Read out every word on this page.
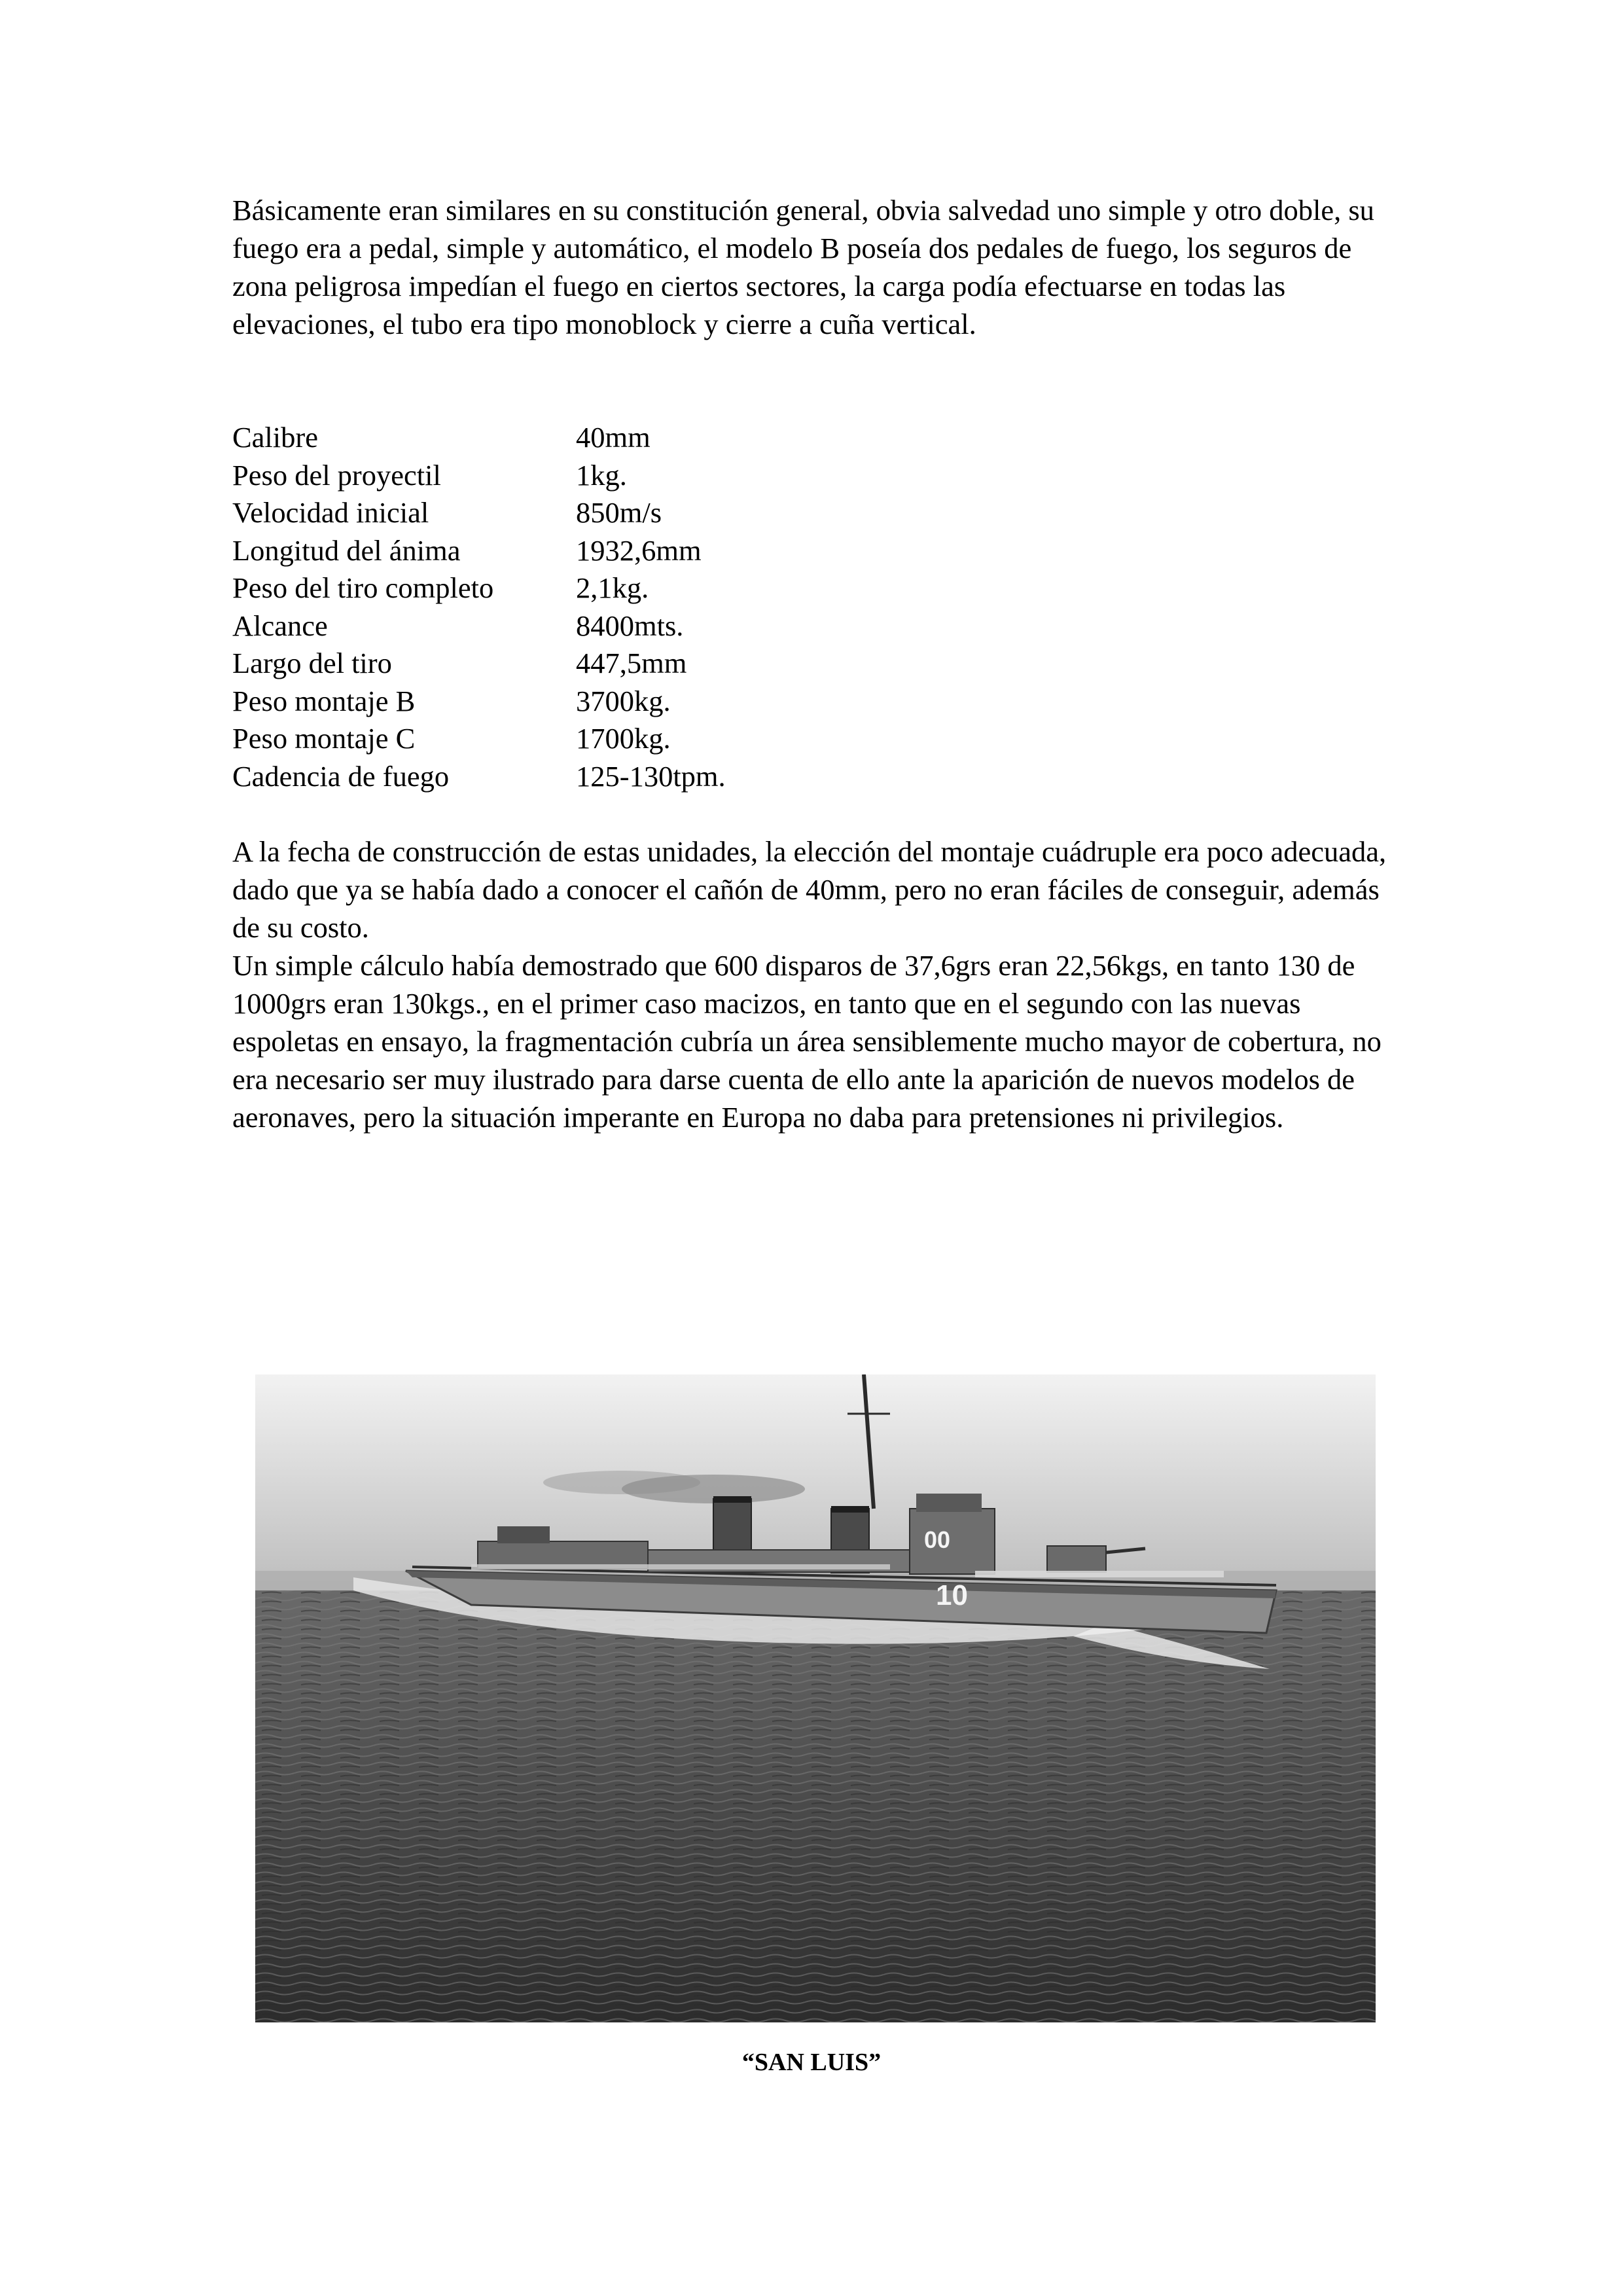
Básicamente eran similares en su constitución general, obvia salvedad uno simple y otro doble, su fuego era a pedal, simple y automático, el modelo B poseía dos pedales de fuego, los seguros de zona peligrosa impedían el fuego en ciertos sectores, la carga podía efectuarse en todas las elevaciones, el tubo era tipo monoblock y cierre a cuña vertical.

Calibre	40mm
Peso del proyectil	1kg.
Velocidad inicial	850m/s
Longitud del ánima	1932,6mm
Peso del tiro completo	2,1kg.
Alcance	8400mts.
Largo del tiro	447,5mm
Peso montaje B	3700kg.
Peso montaje C	1700kg.
Cadencia de fuego	125-130tpm.

A la fecha de construcción de estas unidades, la elección del montaje cuádruple era poco adecuada, dado que ya se había dado a conocer el cañón de 40mm, pero no eran fáciles de conseguir, además de su costo.

Un simple cálculo había demostrado que 600 disparos de 37,6grs eran 22,56kgs, en tanto 130 de 1000grs eran 130kgs., en el primer caso macizos, en tanto que en el segundo con las nuevas espoletas en ensayo, la fragmentación cubría un área sensiblemente mucho mayor de cobertura, no era necesario ser muy ilustrado para darse cuenta de ello ante la aparición de nuevos modelos de aeronaves, pero la situación imperante en Europa no daba para pretensiones ni privilegios.

00
10
“SAN LUIS”
